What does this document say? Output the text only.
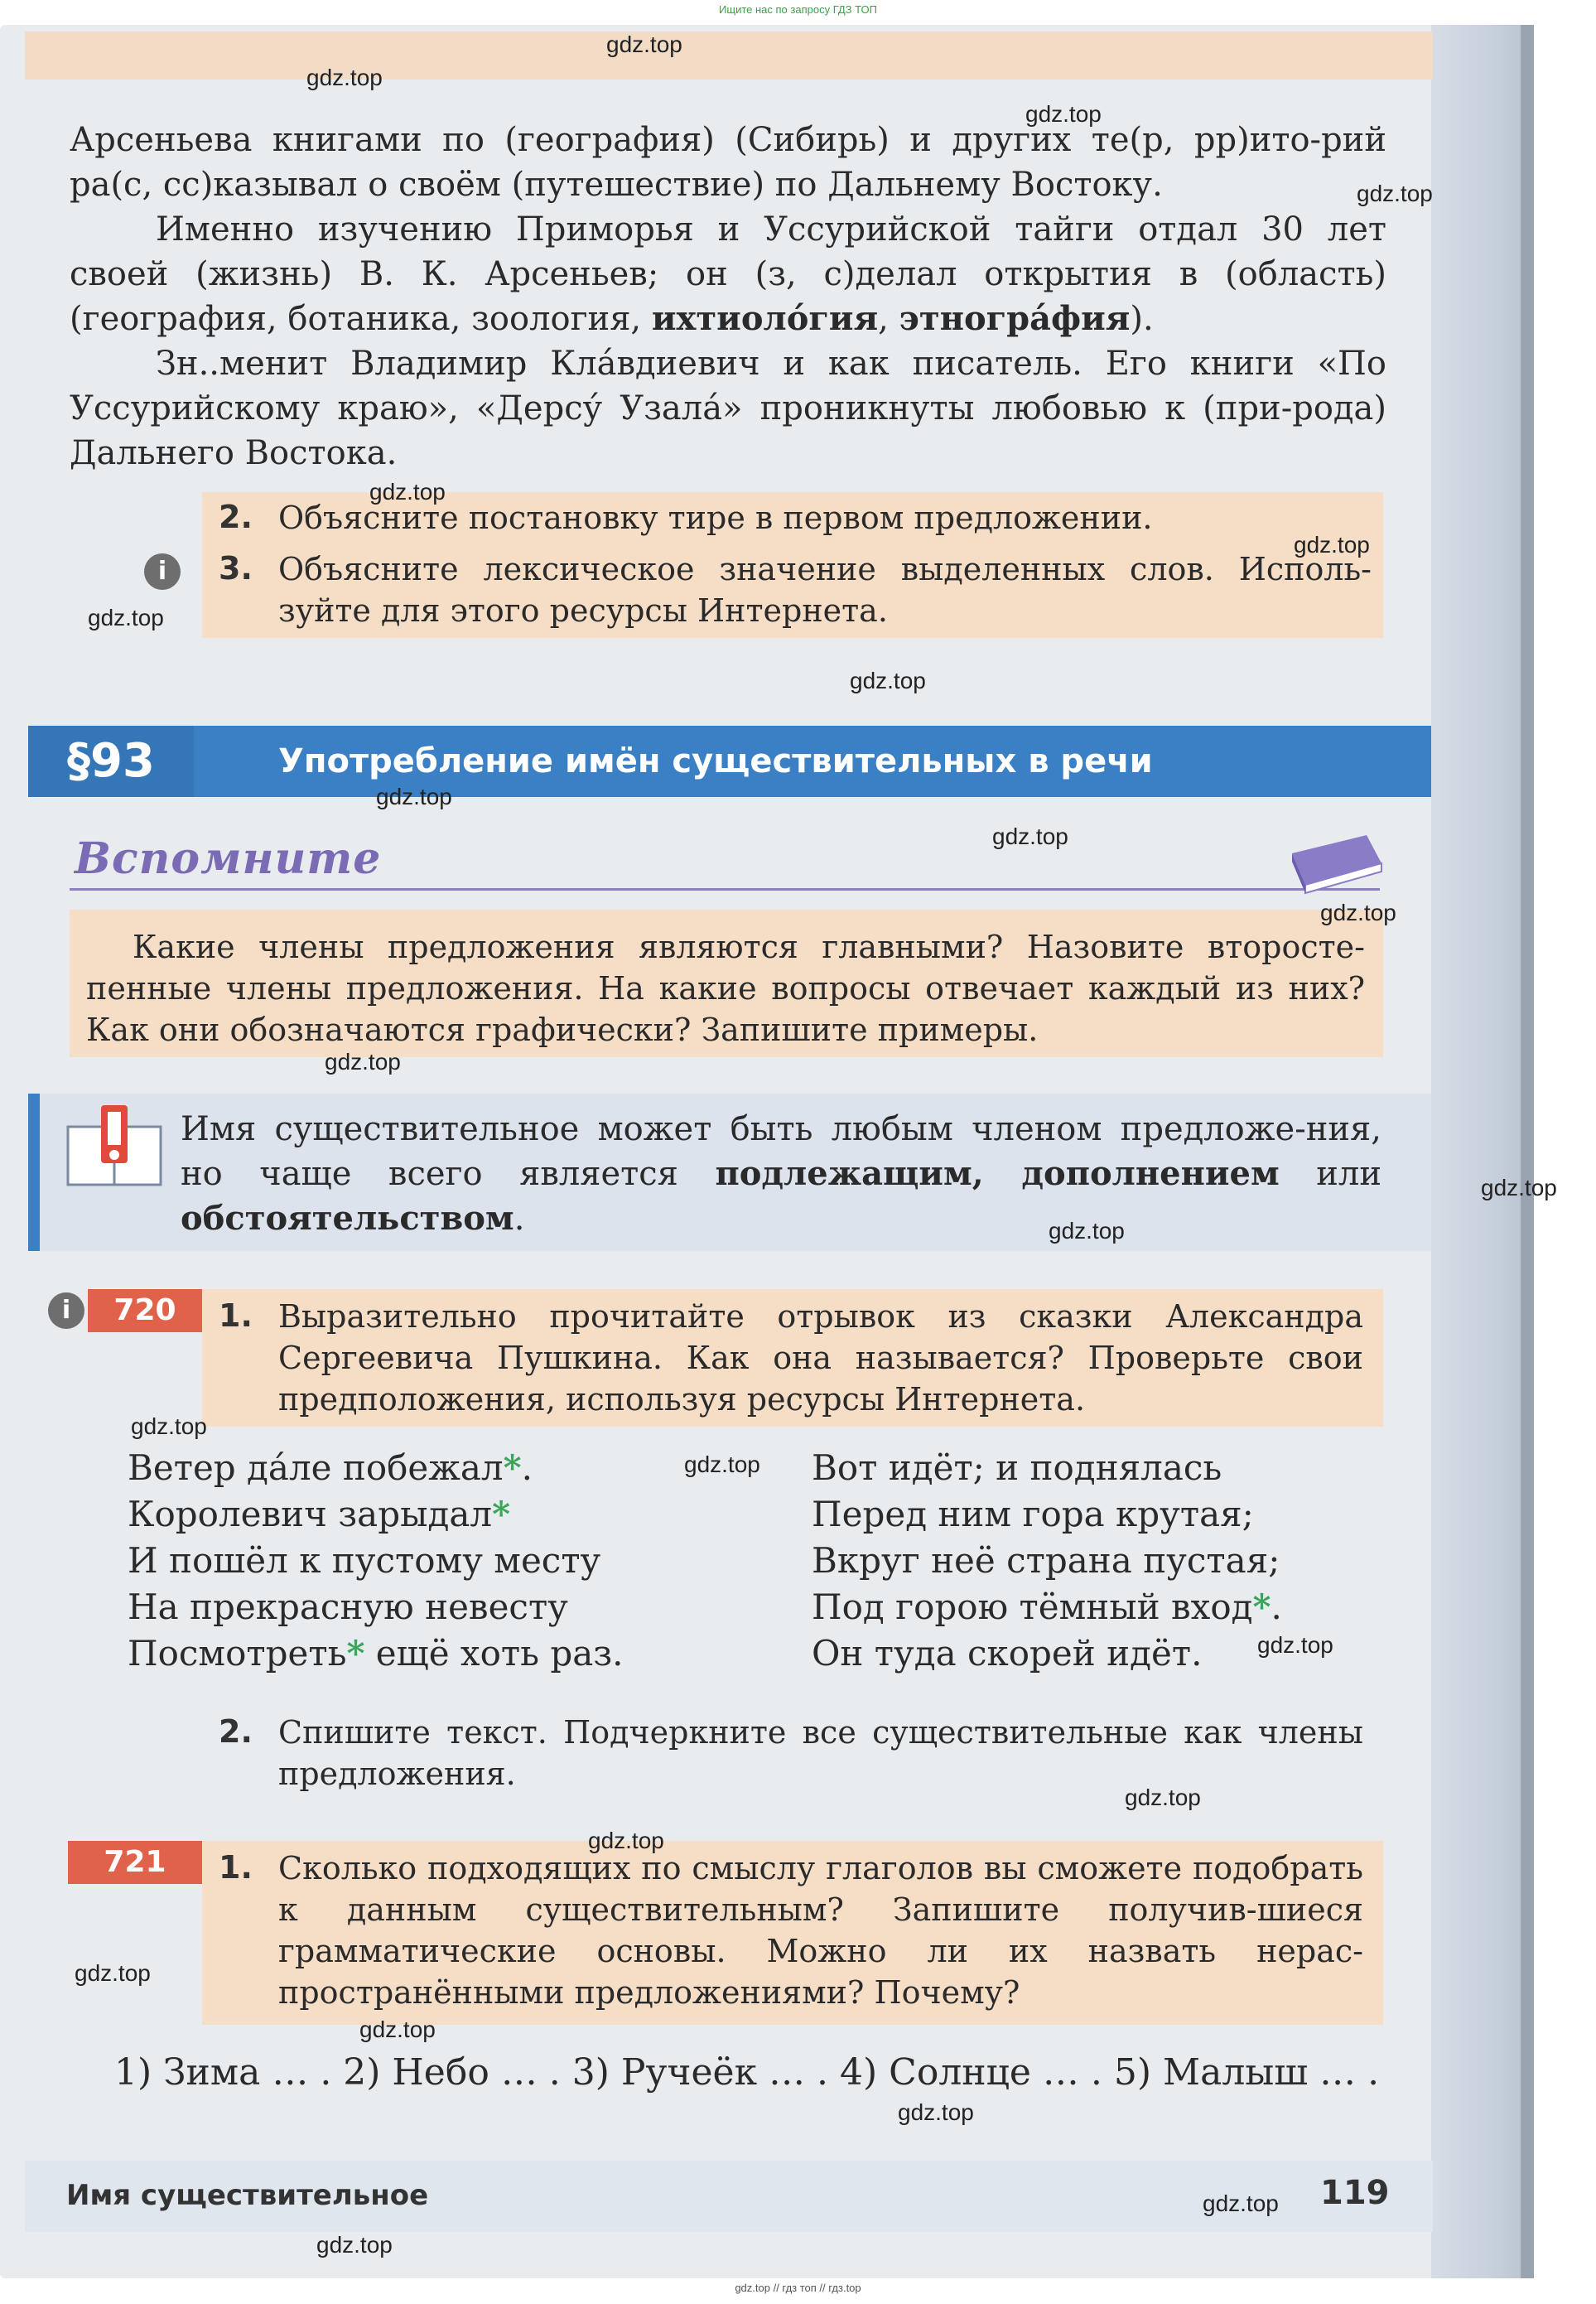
Ищите нас по запросу ГДЗ ТОП

Арсеньева книгами по (география) (Сибирь) и других те(р, рр)ито-рий ра(с, сс)казывал о своём (путешествие) по Дальнему Востоку.

Именно изучению Приморья и Уссурийской тайги отдал 30 лет своей (жизнь) В. К. Арсеньев; он (з, с)делал открытия в (область) (география, ботаника, зоология, ихтиоло́гия, этногра́фия).

Зн..менит Владимир Кла́вдиевич и как писатель. Его книги «По Уссурийскому краю», «Дерсу́ Узала́» проникнуты любовью к (при-рода) Дальнего Востока.

2. Объясните постановку тире в первом предложении.

i	3. Объясните лексическое значение выделенных слов. Исполь-зуйте для этого ресурсы Интернета.

§93	Употребление имён существительных в речи
Вспомните

Какие члены предложения являются главными? Назовите второсте-пенные члены предложения. На какие вопросы отвечает каждый из них? Как они обозначаются графически? Запишите примеры.

Имя существительное может быть любым членом предложе-ния, но чаще всего является подлежащим, дополнением или обстоятельством.

i	720	1. Выразительно прочитайте отрывок из сказки Александра Сергеевича Пушкина. Как она называется? Проверьте свои предположения, используя ресурсы Интернета.

Ветер да́ле побежал*.
Королевич зарыдал*
И пошёл к пустому месту
На прекрасную невесту
Посмотреть* ещё хоть раз.
Вот идёт; и поднялась
Перед ним гора крутая;
Вкруг неё страна пустая;
Под горою тёмный вход*.
Он туда скорей идёт.
2. Спишите текст. Подчеркните все существительные как члены предложения.

721	1. Сколько подходящих по смыслу глаголов вы сможете подобрать к данным существительным? Запишите получив-шиеся грамматические основы. Можно ли их назвать нерас-пространёнными предложениями? Почему?

1) Зима … . 2) Небо … . 3) Ручеёк … . 4) Солнце … . 5) Малыш … .

Имя существительное	119
gdz.top
gdz.top
gdz.top
gdz.top
gdz.top
gdz.top
gdz.top
gdz.top
gdz.top
gdz.top
gdz.top
gdz.top
gdz.top
gdz.top
gdz.top
gdz.top
gdz.top
gdz.top
gdz.top
gdz.top
gdz.top
gdz.top
gdz.top
gdz.top
gdz.top // гдз топ // гдз.top
